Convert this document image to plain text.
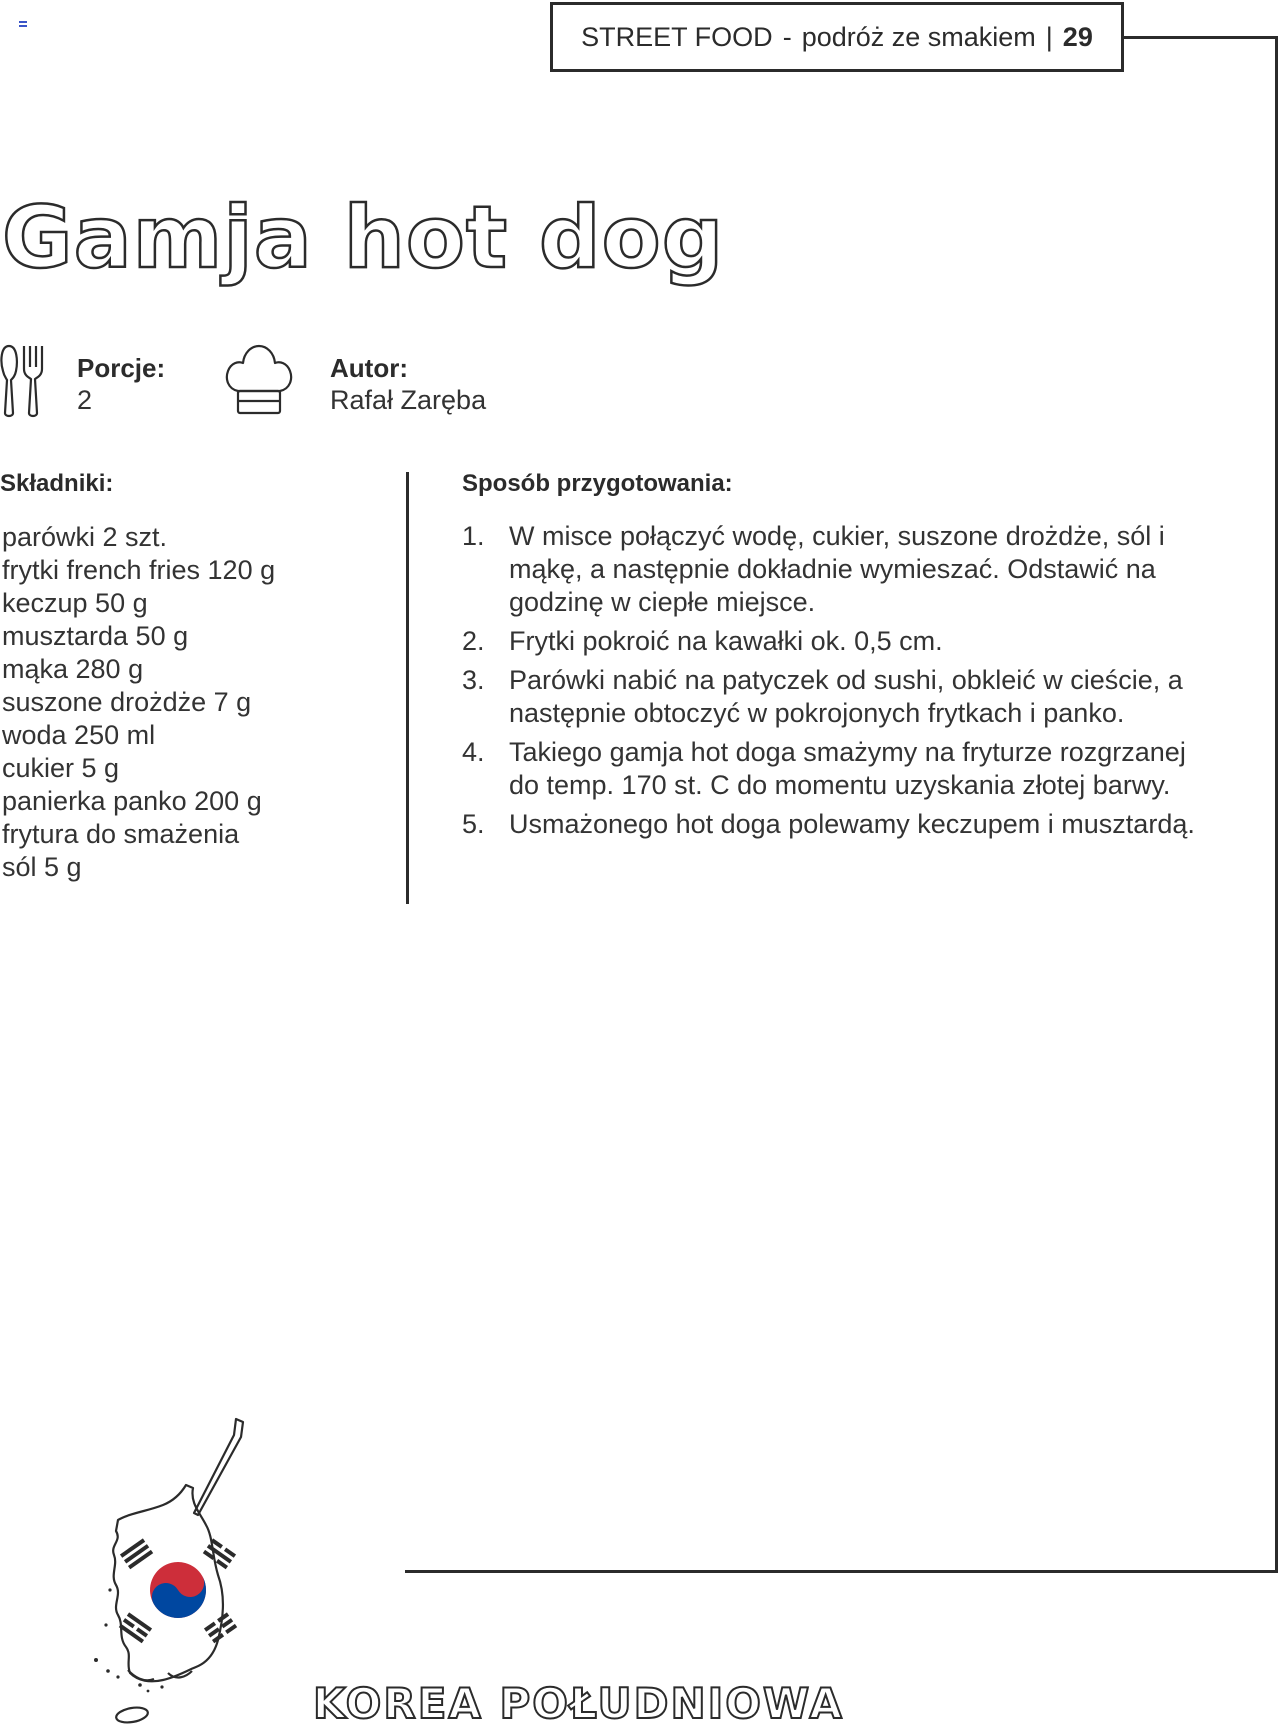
STREET FOOD - podróż ze smakiem | 29
Gamja hot dog
Porcje:
2
Autor:
Rafał Zaręba
Składniki:
parówki 2 szt.
frytki french fries 120 g
keczup 50 g
musztarda 50 g
mąka 280 g
suszone drożdże 7 g
woda 250 ml
cukier 5 g
panierka panko 200 g
frytura do smażenia
sól 5 g
Sposób przygotowania:
1. W misce połączyć wodę, cukier, suszone drożdże, sól i mąkę, a następnie dokładnie wymieszać. Odstawić na godzinę w ciepłe miejsce.
2. Frytki pokroić na kawałki ok. 0,5 cm.
3. Parówki nabić na patyczek od sushi, obkleić w cieście, a następnie obtoczyć w pokrojonych frytkach i panko.
4. Takiego gamja hot doga smażymy na fryturze rozgrzanej do temp. 170 st. C do momentu uzyskania złotej barwy.
5. Usmażonego hot doga polewamy keczupem i musztardą.
KOREA POŁUDNIOWA
